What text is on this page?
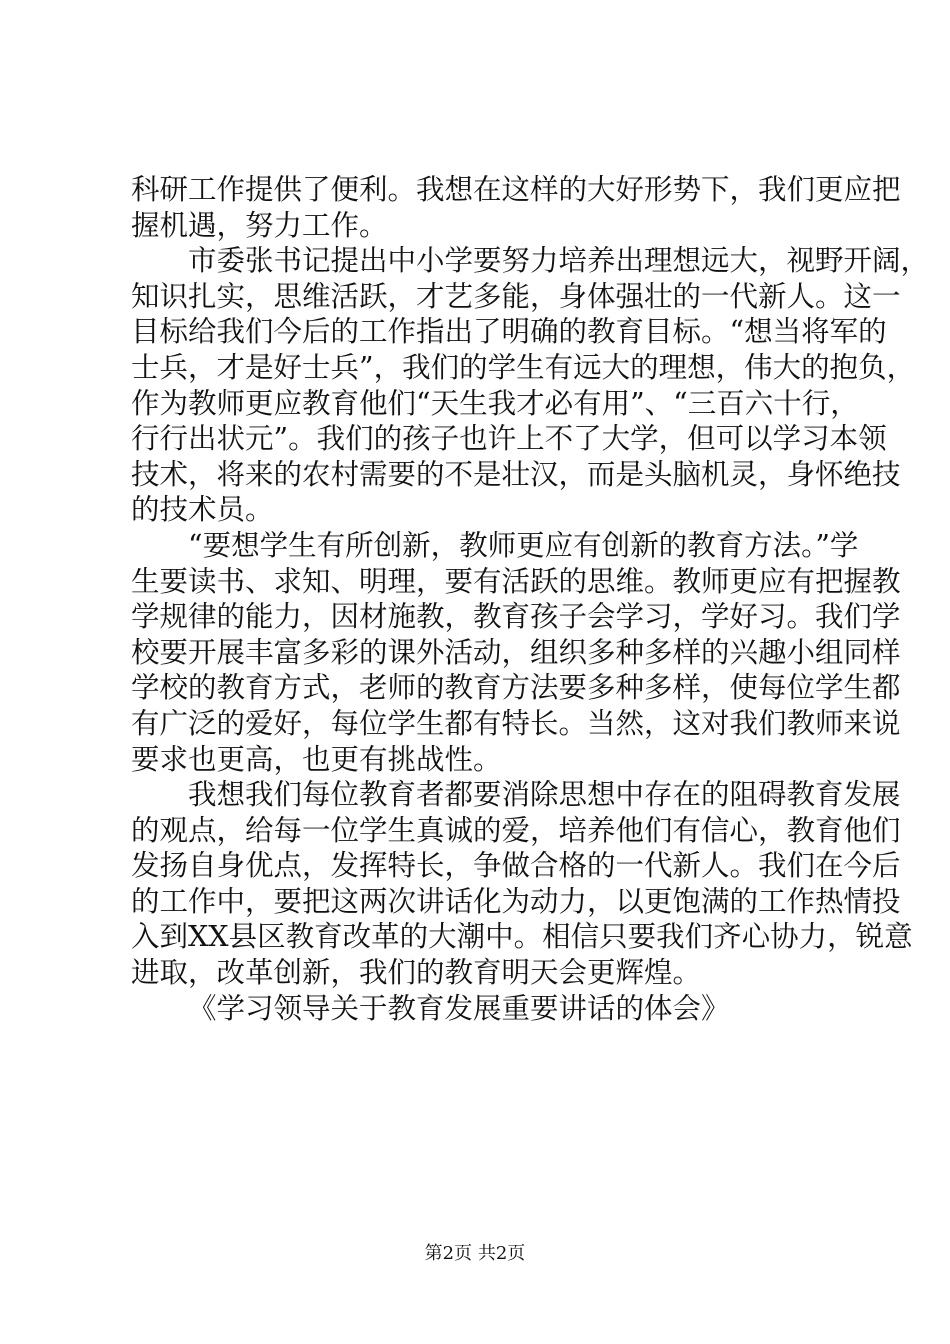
科研工作提供了便利。我想在这样的大好形势下，我们更应把
握机遇，努力工作。
市委张书记提出中小学要努力培养出理想远大，视野开阔，
知识扎实，思维活跃，才艺多能，身体强壮的一代新人。这一
目标给我们今后的工作指出了明确的教育目标。“想当将军的
士兵，才是好士兵”，我们的学生有远大的理想，伟大的抱负，
作为教师更应教育他们“天生我才必有用”、“三百六十行，
行行出状元”。我们的孩子也许上不了大学，但可以学习本领
技术，将来的农村需要的不是壮汉，而是头脑机灵，身怀绝技
的技术员。
“要想学生有所创新，教师更应有创新的教育方法。”学
生要读书、求知、明理，要有活跃的思维。教师更应有把握教
学规律的能力，因材施教，教育孩子会学习，学好习。我们学
校要开展丰富多彩的课外活动，组织多种多样的兴趣小组同样
学校的教育方式，老师的教育方法要多种多样，使每位学生都
有广泛的爱好，每位学生都有特长。当然，这对我们教师来说
要求也更高，也更有挑战性。
我想我们每位教育者都要消除思想中存在的阻碍教育发展
的观点，给每一位学生真诚的爱，培养他们有信心，教育他们
发扬自身优点，发挥特长，争做合格的一代新人。我们在今后
的工作中，要把这两次讲话化为动力，以更饱满的工作热情投
入到XX县区教育改革的大潮中。相信只要我们齐心协力，锐意
进取，改革创新，我们的教育明天会更辉煌。
《学习领导关于教育发展重要讲话的体会》
第2页 共2页
